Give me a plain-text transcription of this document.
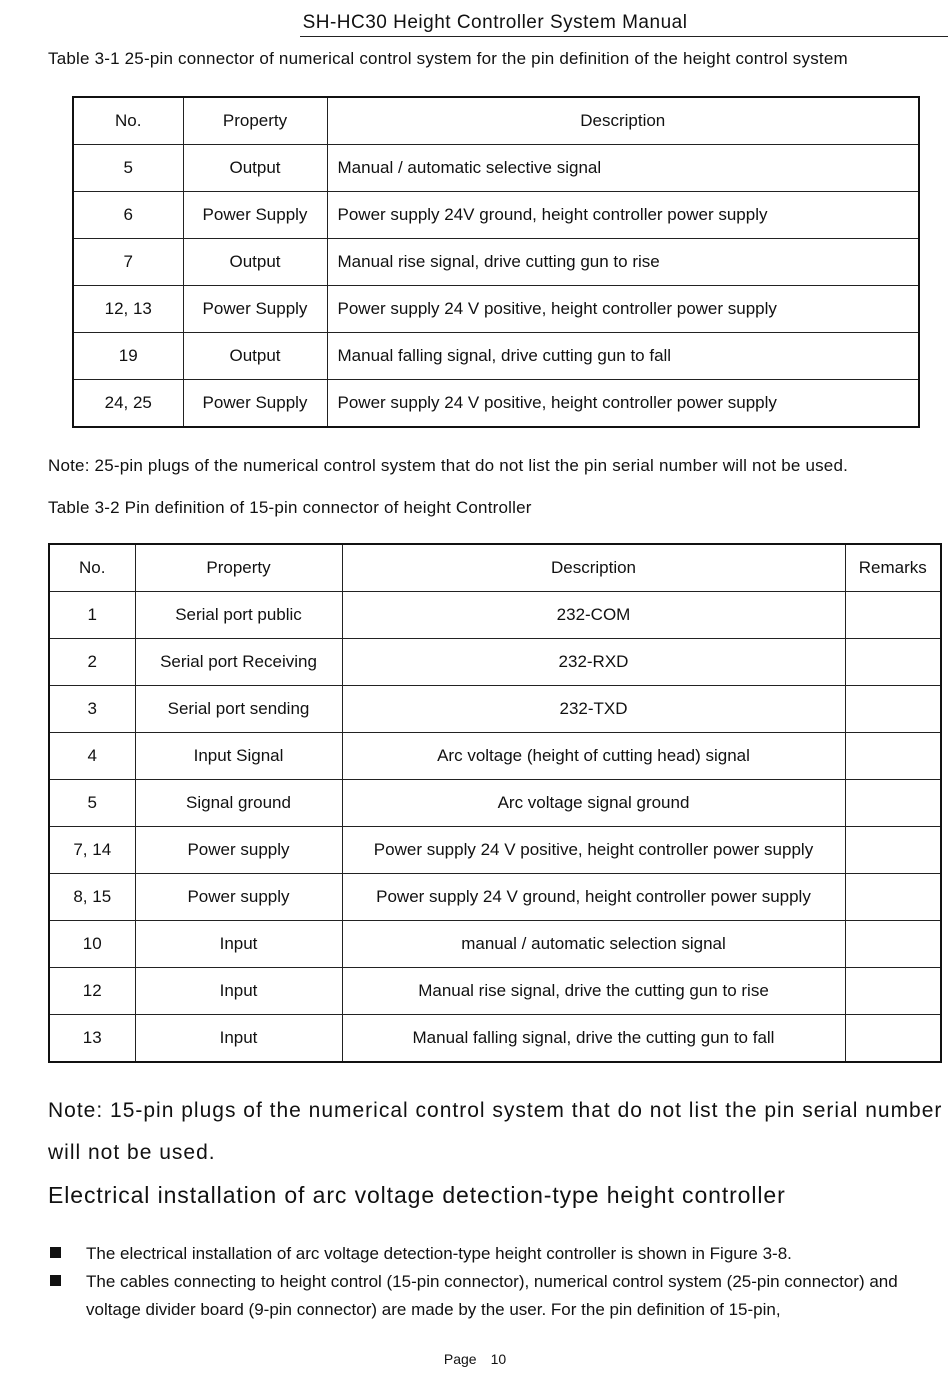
SH-HC30 Height Controller System Manual
Table 3-1 25-pin connector of numerical control system for the pin definition of the height control system
No.	Property	Description
5	Output	Manual / automatic selective signal
6	Power Supply	Power supply 24V ground, height controller power supply
7	Output	Manual rise signal, drive cutting gun to rise
12, 13	Power Supply	Power supply 24 V positive, height controller power supply
19	Output	Manual falling signal, drive cutting gun to fall
24, 25	Power Supply	Power supply 24 V positive, height controller power supply
Note: 25-pin plugs of the numerical control system that do not list the pin serial number will not be used.
Table 3-2 Pin definition of 15-pin connector of height Controller
No.	Property	Description	Remarks
1	Serial port public	232-COM	
2	Serial port Receiving	232-RXD	
3	Serial port sending	232-TXD	
4	Input Signal	Arc voltage (height of cutting head) signal	
5	Signal ground	Arc voltage signal ground	
7, 14	Power supply	Power supply 24 V positive, height controller power supply	
8, 15	Power supply	Power supply 24 V ground, height controller power supply	
10	Input	manual / automatic selection signal	
12	Input	Manual rise signal, drive the cutting gun to rise	
13	Input	Manual falling signal, drive the cutting gun to fall	
Note: 15-pin plugs of the numerical control system that do not list the pin serial number will not be used.
Electrical installation of arc voltage detection-type height controller
The electrical installation of arc voltage detection-type height controller is shown in Figure 3-8.
The cables connecting to height control (15-pin connector), numerical control system (25-pin connector) and voltage divider board (9-pin connector) are made by the user. For the pin definition of 15-pin,
Page 10
